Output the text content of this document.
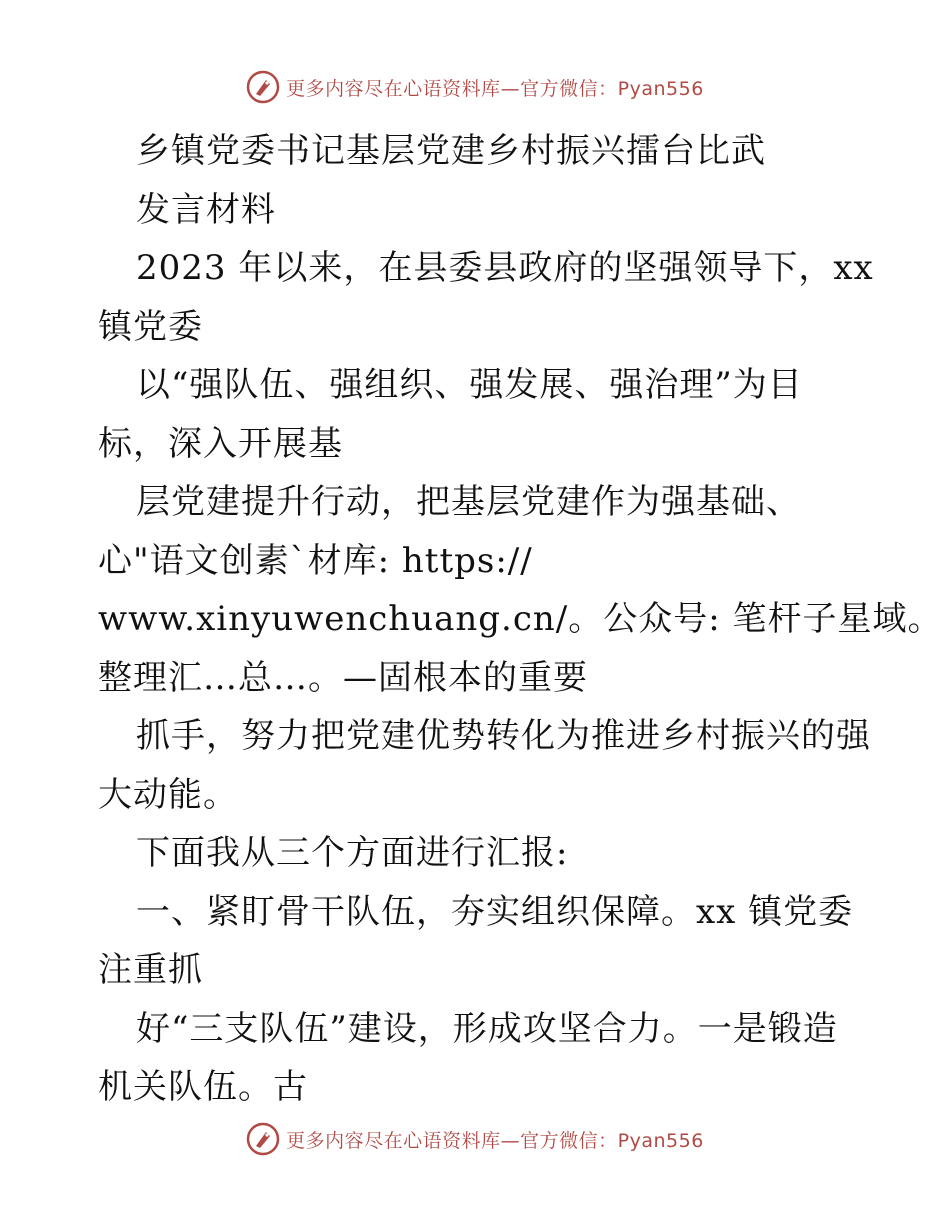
更多内容尽在心语资料库—官方微信：Pyan556
乡镇党委书记基层党建乡村振兴擂台比武
发言材料
2023 年以来，在县委县政府的坚强领导下，xx
镇党委
以“强队伍、强组织、强发展、强治理”为目
标，深入开展基
层党建提升行动，把基层党建作为强基础、
心"语文创素`材库: https://
www.xinyuwenchuang.cn/。公众号: 笔杆子星域。
整理汇…总…。—固根本的重要
抓手，努力把党建优势转化为推进乡村振兴的强
大动能。
下面我从三个方面进行汇报:
一、紧盯骨干队伍，夯实组织保障。xx 镇党委
注重抓
好“三支队伍”建设，形成攻坚合力。一是锻造
机关队伍。古
更多内容尽在心语资料库—官方微信：Pyan556
